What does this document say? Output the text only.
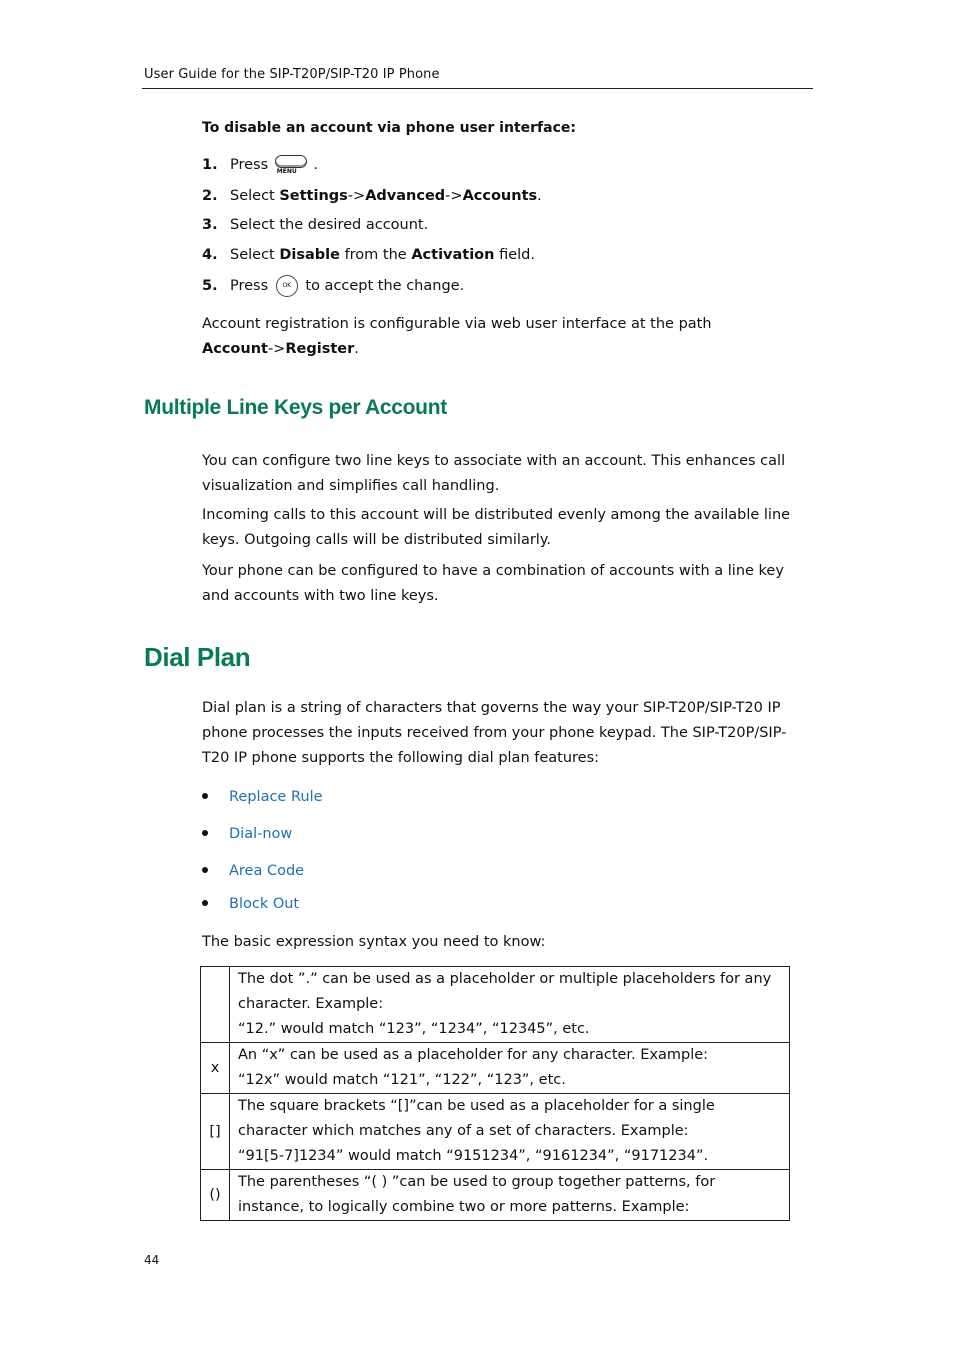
User Guide for the SIP-T20P/SIP-T20 IP Phone
To disable an account via phone user interface:
1. Press MENU .
2. Select Settings->Advanced->Accounts.
3. Select the desired account.
4. Select Disable from the Activation field.
5. Press OK to accept the change.
Account registration is configurable via web user interface at the path
Account->Register.
Multiple Line Keys per Account
You can configure two line keys to associate with an account. This enhances call visualization and simplifies call handling.
Incoming calls to this account will be distributed evenly among the available line keys. Outgoing calls will be distributed similarly.
Your phone can be configured to have a combination of accounts with a line key and accounts with two line keys.
Dial Plan
Dial plan is a string of characters that governs the way your SIP-T20P/SIP-T20 IP phone processes the inputs received from your phone keypad. The SIP-T20P/SIP-T20 IP phone supports the following dial plan features:
Replace Rule
Dial-now
Area Code
Block Out
The basic expression syntax you need to know:

	The dot ”.” can be used as a placeholder or multiple placeholders for any character. Example:
“12.” would match “123”, “1234”, “12345”, etc.

x	An “x” can be used as a placeholder for any character. Example:
“12x” would match “121”, “122”, “123”, etc.

[]	The square brackets “[]”can be used as a placeholder for a single character which matches any of a set of characters. Example:
“91[5-7]1234” would match “9151234”, “9161234”, “9171234”.

()	The parentheses “( ) ”can be used to group together patterns, for instance, to logically combine two or more patterns. Example:
44
